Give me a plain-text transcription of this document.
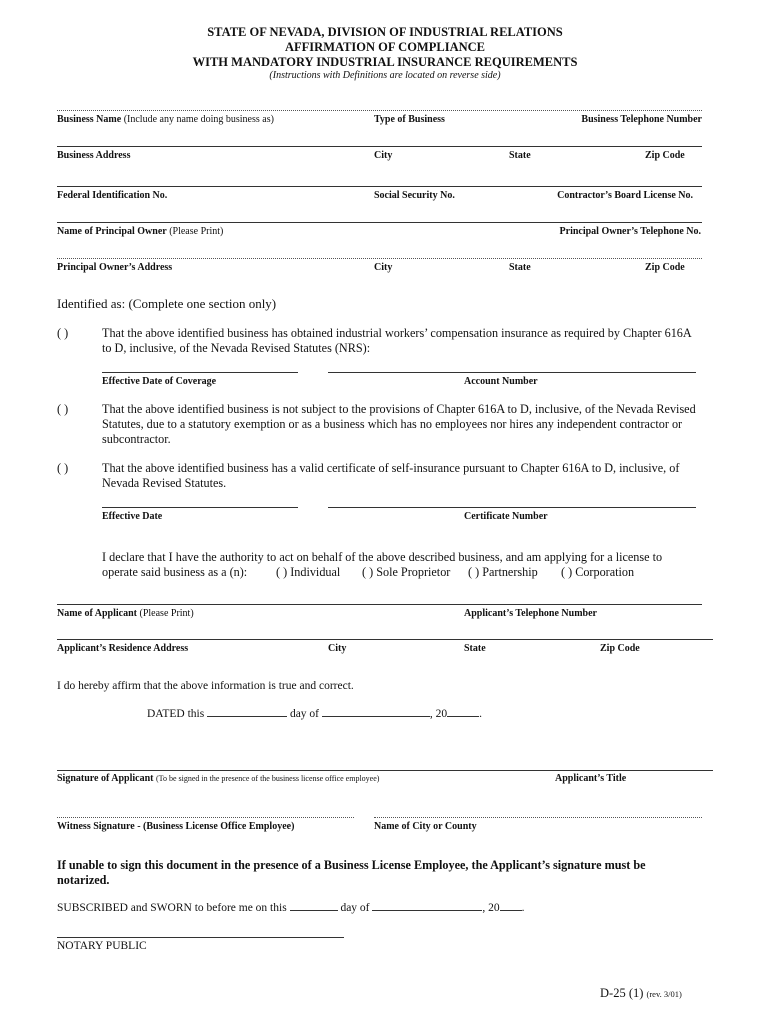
STATE OF NEVADA, DIVISION OF INDUSTRIAL RELATIONS
AFFIRMATION OF COMPLIANCE
WITH MANDATORY INDUSTRIAL INSURANCE REQUIREMENTS
(Instructions with Definitions are located on reverse side)
Business Name (Include any name doing business as)	Type of Business	Business Telephone Number
Business Address	City	State	Zip Code
Federal Identification No.	Social Security No.	Contractor’s Board License No.
Name of Principal Owner (Please Print)	Principal Owner’s Telephone No.
Principal Owner’s Address	City	State	Zip Code
Identified as: (Complete one section only)
( )	That the above identified business has obtained industrial workers’ compensation insurance as required by Chapter 616A to D, inclusive, of the Nevada Revised Statutes (NRS):
Effective Date of Coverage	Account Number
( )	That the above identified business is not subject to the provisions of Chapter 616A to D, inclusive, of the Nevada Revised Statutes, due to a statutory exemption or as a business which has no employees nor hires any independent contractor or subcontractor.
( )	That the above identified business has a valid certificate of self-insurance pursuant to Chapter 616A to D, inclusive, of Nevada Revised Statutes.
Effective Date	Certificate Number
I declare that I have the authority to act on behalf of the above described business, and am applying for a license to
operate said business as a (n): ( ) Individual ( ) Sole Proprietor ( ) Partnership ( ) Corporation
Name of Applicant (Please Print)	Applicant’s Telephone Number
Applicant’s Residence Address	City	State	Zip Code
I do hereby affirm that the above information is true and correct.
DATED this	day of	, 20	.
Signature of Applicant (To be signed in the presence of the business license office employee)	Applicant’s Title
Witness Signature - (Business License Office Employee)	Name of City or County
If unable to sign this document in the presence of a Business License Employee, the Applicant’s signature must be notarized.
SUBSCRIBED and SWORN to before me on this	day of	, 20 .
NOTARY PUBLIC
D-25 (1) (rev. 3/01)
